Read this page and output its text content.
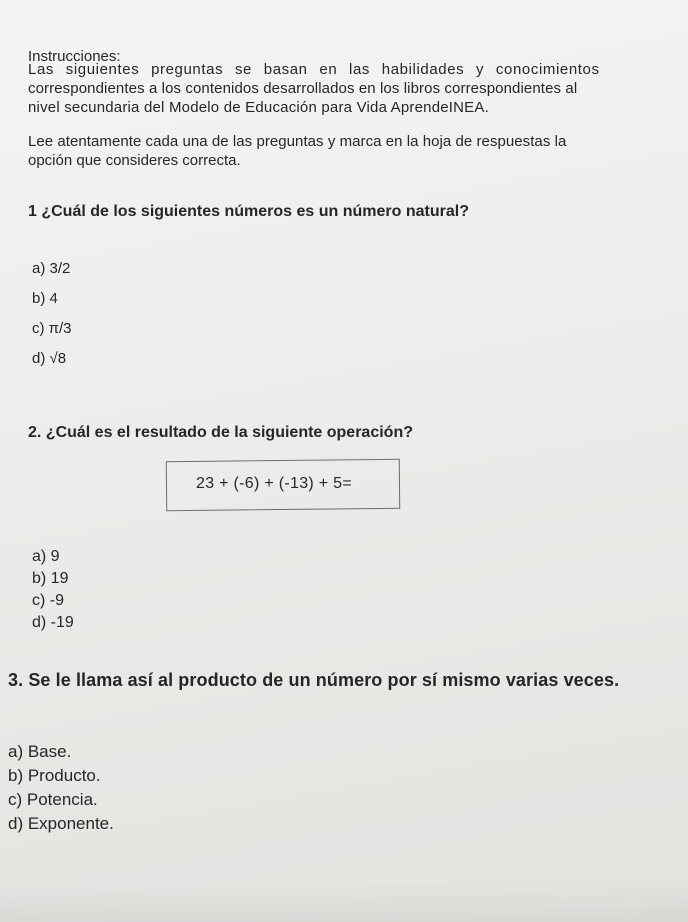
Instrucciones:

Las siguientes preguntas se basan en las habilidades y conocimientos
correspondientes a los contenidos desarrollados en los libros correspondientes al
nivel secundaria del Modelo de Educación para Vida AprendeINEA.
Lee atentamente cada una de las preguntas y marca en la hoja de respuestas la
opción que consideres correcta.

1 ¿Cuál de los siguientes números es un número natural?

a) 3/2
b) 4
c) π/3
d) √8

2. ¿Cuál es el resultado de la siguiente operación?

23 + (-6) + (-13) + 5=
a) 9
b) 19
c) -9
d) -19

3. Se le llama así al producto de un número por sí mismo varias veces.

a) Base.
b) Producto.
c) Potencia.
d) Exponente.
